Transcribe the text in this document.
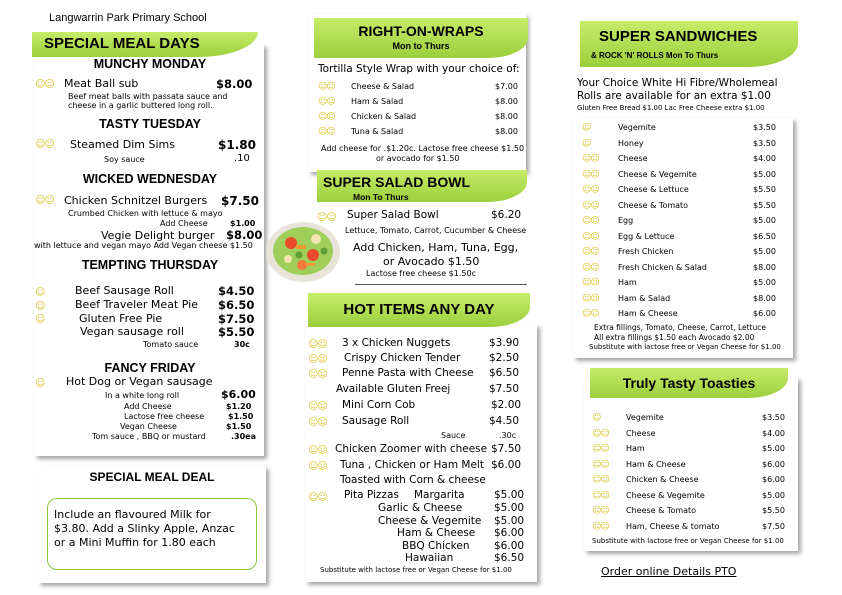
Langwarrin Park Primary School
SPECIAL MEAL DAYS
MUNCHY MONDAY
☺☺ Meat Ball sub	$8.00
Beef meat balls with passata sauce and
cheese in a garlic buttered long roll.
TASTY TUESDAY
☺☺ Steamed Dim Sims	$1.80
Soy sauce	.10
WICKED WEDNESDAY
☺☺ Chicken Schnitzel Burgers $7.50
Crumbed Chicken with lettuce & mayo
Add Cheese	$1.00
Vegie Delight burger $8.00
with lettuce and vegan mayo Add Vegan cheese $1.50
TEMPTING THURSDAY
☺
☺
☺
Beef Sausage Roll	$4.50
Beef Traveler Meat Pie $6.50
Gluten Free Pie	$7.50
Vegan sausage roll	$5.50
Tomato sauce	30c
FANCY FRIDAY
☺ Hot Dog or Vegan sausage
In a white long roll	$6.00
Add Cheese	$1.20
Lactose free cheese	$1.50
Vegan Cheese	$1.50
Tom sauce , BBQ or mustard	.30ea
SPECIAL MEAL DEAL
Include an flavoured Milk for
$3.80. Add a Slinky Apple, Anzac
or a Mini Muffin for 1.80 each
RIGHT-ON-WRAPS
Mon to Thurs
Tortilla Style Wrap with your choice of:
☺☺ Cheese & Salad	$7.00
☺☺ Ham & Salad	$8.00
☺☺ Chicken & Salad	$8.00
☺☺ Tuna & Salad	$8.00
Add cheese for .$1.20c. Lactose free cheese $1.50
or avocado for $1.50
SUPER SALAD BOWL
Mon To Thurs
☺☺ Super Salad Bowl	$6.20
Lettuce, Tomato, Carrot, Cucumber & Cheese
Add Chicken, Ham, Tuna, Egg,
or Avocado $1.50
Lactose free cheese $1.50c
HOT ITEMS ANY DAY
☺☺ 3 x Chicken Nuggets	$3.90
☺☺ Crispy Chicken Tender	$2.50
☺☺ Penne Pasta with Cheese $6.50
Available Gluten Freej	$7.50
☺☺ Mini Corn Cob	$2.00
☺☺ Sausage Roll	$4.50
Sauce	.30c
☺☺ Chicken Zoomer with cheese $7.50
☺☺ Tuna , Chicken or Ham Melt $6.00
Toasted with Corn & cheese
☺☺ Pita Pizzas Margarita	$5.00
Garlic & Cheese	$5.00
Cheese & Vegemite $5.00
Ham & Cheese $6.00
BBQ Chicken $6.00
Hawaiian	$6.50
Substitute with lactose free or Vegan Cheese for $1.00
SUPER SANDWICHES
& ROCK 'N' ROLLS Mon To Thurs
Your Choice White Hi Fibre/Wholemeal
Rolls are available for an extra $1.00
Gluten Free Bread $1.00 Lac Free Cheese extra $1.00
☺	Vegemite	$3.50
☺	Honey	$3.50
☺☺ Cheese	$4.00
☺☺ Cheese & Vegemite	$5.00
☺☺ Cheese & Lettuce	$5.50
☺☺ Cheese & Tomato	$5.50
☺☺ Egg	$5.00
☺☺ Egg & Lettuce	$6.50
☺☺ Fresh Chicken	$5.00
☺☺ Fresh Chicken & Salad	$8.00
☺☺ Ham	$5.00
☺☺ Ham & Salad	$8.00
☺☺ Ham & Cheese	$6.00
Extra fillings, Tomato, Cheese, Carrot, Lettuce
All extra fillings $1.50 each Avocado $2.00
Substitute with lactose free or Vegan Cheese for $1.00
Truly Tasty Toasties
☺	Vegemite	$3.50
☺☺ Cheese	$4.00
☺☺ Ham	$5.00
☺☺ Ham & Cheese	$6.00
☺☺ Chicken & Cheese	$6.00
☺☺ Cheese & Vegemite	$5.00
☺☺ Cheese & Tomato	$5.50
☺☺ Ham, Cheese & tomato	$7.50
Substitute with lactose free or Vegan Cheese for $1.00
Order online Details PTO
